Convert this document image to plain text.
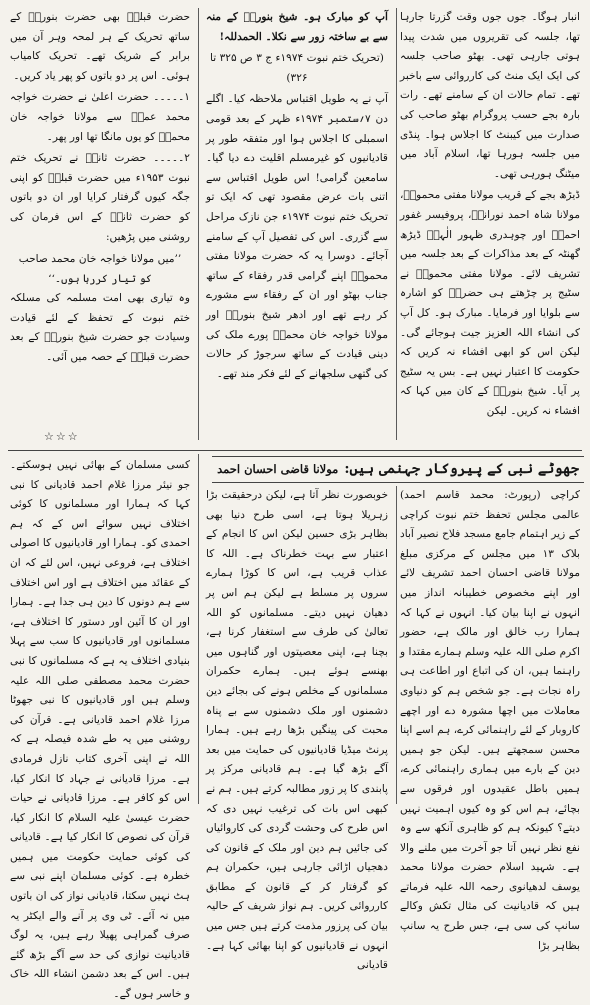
انبار ہوگا۔ جوں جوں وقت گزرتا جارہا تھا، جلسہ کی تقریروں میں شدت پیدا ہوتی جارہی تھی۔ بھٹو صاحب جلسہ کی ایک ایک منٹ کی کارروائی سے باخبر تھے۔ تمام حالات ان کے سامنے تھے۔ رات بارہ بجے حسب پروگرام بھٹو صاحب کی صدارت میں کیبنٹ کا اجلاس ہوا۔ پنڈی میں جلسہ ہورہا تھا، اسلام آباد میں میٹنگ ہورہی تھی۔

ڈیڑھ بجے کے قریب مولانا مفتی محمودؒ، مولانا شاہ احمد نورانیؒ، پروفیسر غفور احمدؒ اور چوہدری ظہور الٰہیؒ ڈیڑھ گھنٹہ کے بعد مذاکرات کے بعد جلسہ میں تشریف لائے۔ مولانا مفتی محمودؒ نے سٹیج پر چڑھتے ہی حضرتؒ کو اشارہ سے بلوایا اور فرمایا۔ مبارک ہو۔ کل آپ کی انشاء اللہ العزیز جیت ہوجائے گی۔ لیکن اس کو ابھی افشاء نہ کریں کہ حکومت کا اعتبار نہیں ہے۔ بس یہ سٹیج پر آیا۔ شیخ بنوریؒ کے کان میں کہا کہ افشاء نہ کریں۔ لیکن

آپ کو مبارک ہو۔ شیخ بنوریؒ کے منہ سے بے ساختہ زور سے نکلا۔ الحمدللہ!

(تحریک ختم نبوت ۱۹۷۴ء ج ۳ ص ۳۲۵ تا ۳۲۶)

آپ نے یہ طویل اقتباس ملاحظہ کیا۔ اگلے دن ۷؍ستمبر ۱۹۷۴ء ظہر کے بعد قومی اسمبلی کا اجلاس ہوا اور متفقہ طور پر قادیانیوں کو غیرمسلم اقلیت دے دیا گیا۔ سامعین گرامی! اس طویل اقتباس سے اتنی بات عرض مقصود تھی کہ ایک تو تحریک ختم نبوت ۱۹۷۴ء جن نازک مراحل سے گزری۔ اس کی تفصیل آپ کے سامنے آجائے۔ دوسرا یہ کہ حضرت مولانا مفتی محمودؒ اپنے گرامی قدر رفقاء کے ساتھ جناب بھٹو اور ان کے رفقاء سے مشورے کر رہے تھے اور ادھر شیخ بنوریؒ اور مولانا خواجہ خان محمدؒ پورے ملک کی دینی قیادت کے ساتھ سرجوڑ کر حالات کی گتھی سلجھانے کے لئے فکر مند تھے۔

حضرت قبلہؒ بھی حضرت بنوریؒ کے ساتھ تحریک کے ہر لمحہ وہر آن میں برابر کے شریک تھے۔ تحریک کامیاب ہوئی۔ اس پر دو باتوں کو پھر یاد کریں۔

۱۔۔۔۔۔ حضرت اعلیٰ نے حضرت خواجہ محمد عمرؒ سے مولانا خواجہ خان محمدؒ کو یوں مانگا تھا اور پھر۔

۲۔۔۔۔۔ حضرت ثانیؒ نے تحریک ختم نبوت ۱۹۵۳ء میں حضرت قبلہؒ کو اپنی جگہ کیوں گرفتار کرایا اور ان دو باتوں کو حضرت ثانیؒ کے اس فرمان کی روشنی میں پڑھیں:

’’میں مولانا خواجہ خان محمد صاحب
کو تیار کررہا ہوں۔‘‘

وہ تیاری بھی امت مسلمہ کی مسلکہ ختم نبوت کے تحفظ کے لئے قیادت وسیادت جو حضرت شیخ بنوریؒ کے بعد حضرت قبلہؒ کے حصہ میں آئی۔

☆☆☆
جھوٹے نبی کے پیروکار جہنمی ہیں:
مولانا قاضی احسان احمد

کراچی (رپورٹ: محمد قاسم احمد) عالمی مجلس تحفظ ختم نبوت کراچی کے زیر اہتمام جامع مسجد فلاح نصیر آباد بلاک ۱۳ میں مجلس کے مرکزی مبلغ مولانا قاضی احسان احمد تشریف لائے اور اپنے مخصوص خطیبانہ انداز میں انہوں نے اپنا بیان کیا۔ انہوں نے کہا کہ ہمارا رب خالق اور مالک ہے، حضور اکرم صلی اللہ علیہ وسلم ہمارے مقتدا و راہنما ہیں، ان کی اتباع اور اطاعت ہی راہ نجات ہے۔ جو شخص ہم کو دنیاوی معاملات میں اچھا مشورہ دے اور اچھے کاروبار کے لئے راہنمائی کرے، ہم اسے اپنا محسن سمجھتے ہیں۔ لیکن جو ہمیں دین کے بارے میں ہماری راہنمائی کرے، ہمیں باطل عقیدوں اور فرقوں سے بچائے، ہم اس کو وہ کیوں اہمیت نہیں دیتے؟ کیونکہ ہم کو ظاہری آنکھ سے وہ نفع نظر نہیں آتا جو آخرت میں ملنے والا ہے۔ شہید اسلام حضرت مولانا محمد یوسف لدھیانوی رحمہ اللہ علیہ فرماتے ہیں کہ قادیانیت کی مثال تکش وکالے سانپ کی سی ہے، جس طرح یہ سانپ بظاہر بڑا

خوبصورت نظر آتا ہے، لیکن درحقیقت بڑا زہریلا ہوتا ہے، اسی طرح دنیا بھی بظاہر بڑی حسین لیکن اس کا انجام کے اعتبار سے بہت خطرناک ہے۔ اللہ کا عذاب قریب ہے، اس کا کوڑا ہمارے سروں پر مسلط ہے لیکن ہم اس پر دھیان نہیں دیتے۔ مسلمانوں کو اللہ تعالیٰ کی طرف سے استغفار کرنا ہے، بچنا ہے، اپنی معصیتوں اور گناہوں میں بھنسے ہوئے ہیں۔ ہمارے حکمران مسلمانوں کے مخلص ہونے کی بجائے دین دشمنوں اور ملک دشمنوں سے بے پناہ محبت کی پینگیں بڑھا رہے ہیں۔ ہمارا پرنٹ میڈیا قادیانیوں کی حمایت میں بعد آگے بڑھ گیا ہے۔ ہم قادیانی مرکز پر پابندی کا پر زور مطالبہ کرتے ہیں۔ ہم نے کبھی اس بات کی ترغیب نہیں دی کہ اس طرح کی وحشت گردی کی کاروائیاں کی جائیں ہم دین اور ملک کے قانون کی دھجیاں اڑائی جارہی ہیں، حکمران ہم کو گرفتار کر کے قانون کے مطابق کارروائی کریں۔ ہم نواز شریف کے حالیہ بیان کی پرزور مذمت کرتے ہیں جس میں انہوں نے قادیانیوں کو اپنا بھائی کہا ہے۔ قادیانی

کسی مسلمان کے بھائی نہیں ہوسکتے۔ جو نیئر مرزا غلام احمد قادیانی کا نبی کہا کہ ہمارا اور مسلمانوں کا کوئی اختلاف نہیں سوائے اس کے کہ ہم احمدی کو۔ ہمارا اور قادیانیوں کا اصولی اختلاف ہے، فروعی نہیں، اس لئے کہ ان کے عقائد میں اختلاف ہے اور اس اختلاف سے ہم دونوں کا دین ہی جدا ہے۔ ہمارا اور ان کا آئین اور دستور کا اختلاف ہے، مسلمانوں اور قادیانیوں کا سب سے پہلا بنیادی اختلاف یہ ہے کہ مسلمانوں کا نبی حضرت محمد مصطفی صلی اللہ علیہ وسلم ہیں اور قادیانیوں کا نبی جھوٹا مرزا غلام احمد قادیانی ہے۔ قرآن کی روشنی میں یہ طے شدہ فیصلہ ہے کہ اللہ نے اپنی آخری کتاب نازل فرمادی ہے۔ مرزا قادیانی نے جہاد کا انکار کیا، اس کو کافر ہے۔ مرزا قادیانی نے حیات حضرت عیسیٰ علیہ السلام کا انکار کیا، قرآن کی نصوص کا انکار کیا ہے۔ قادیانی کی کوئی حمایت حکومت میں ہمیں خطرہ ہے۔ کوئی مسلمان اپنے نبی سے ہٹ نہیں سکتا، قادیانی نواز کی ان باتوں میں نہ آئے۔ ٹی وی پر آنے والے ایکٹر یہ صرف گمراہی پھیلا رہے ہیں، یہ لوگ قادیانیت نوازی کی حد سے آگے بڑھ گئے ہیں۔ اس کے بعد دشمن انشاء اللہ خاک و خاسر ہوں گے۔
